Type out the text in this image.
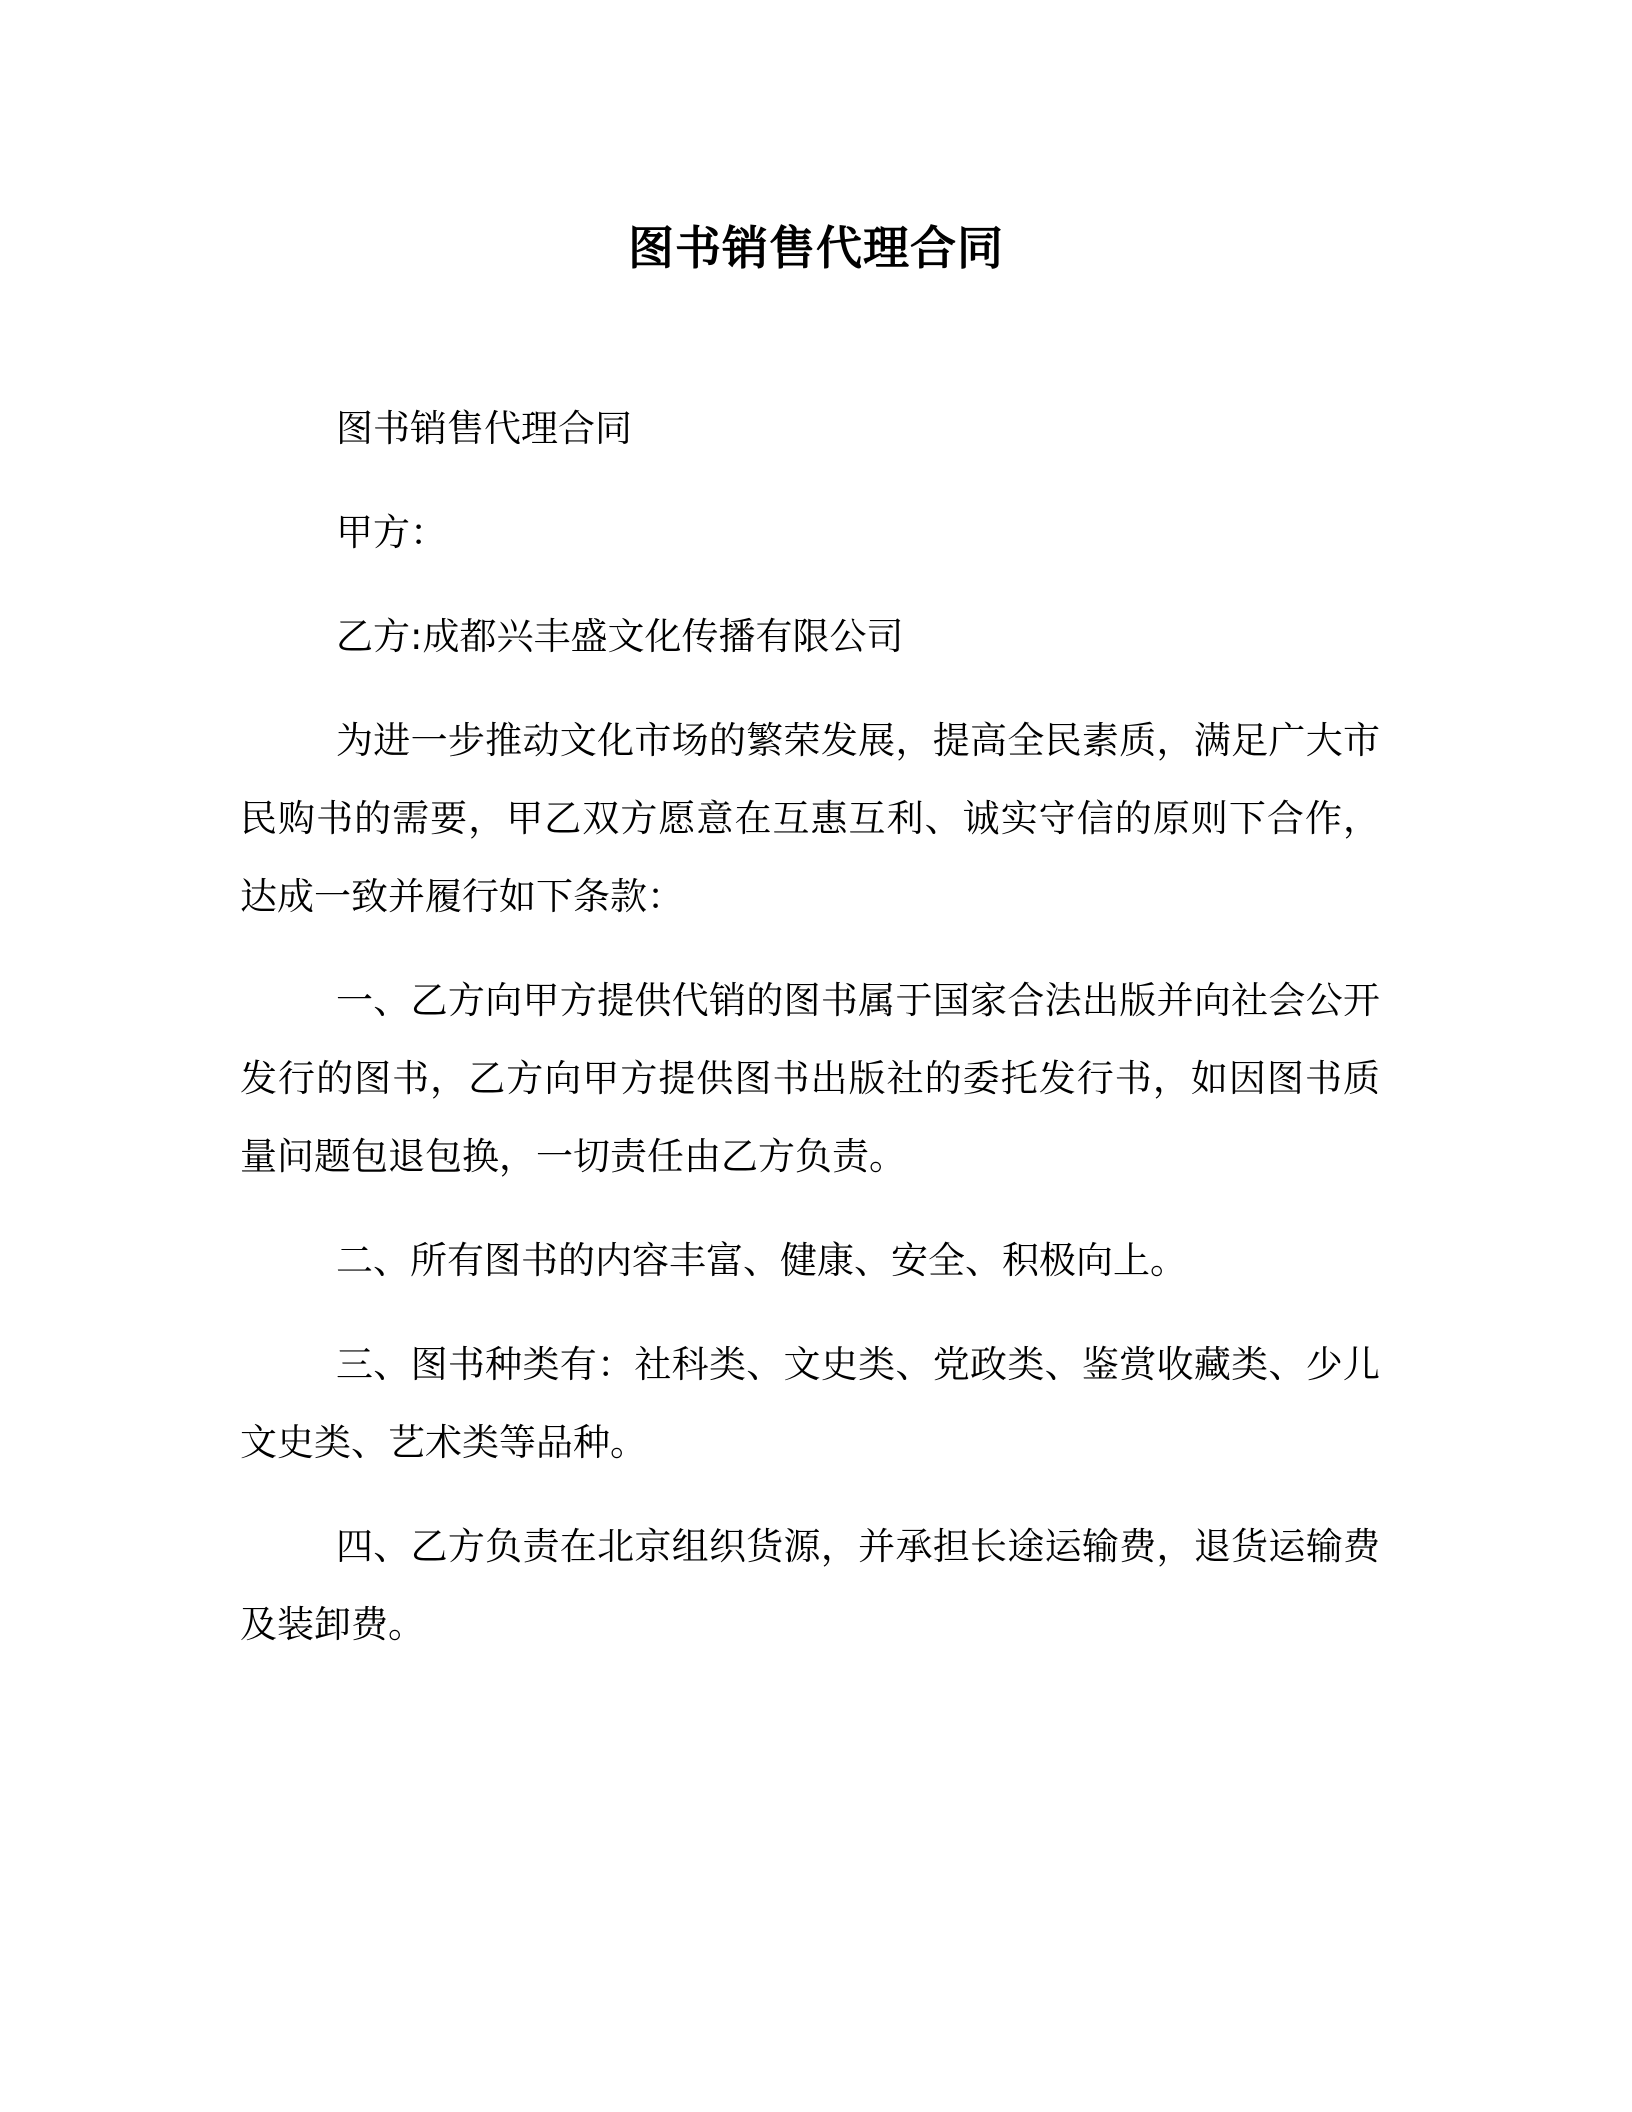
图书销售代理合同

图书销售代理合同

甲方：

乙方:成都兴丰盛文化传播有限公司

为进一步推动文化市场的繁荣发展，提高全民素质，满足广大市民购书的需要，甲乙双方愿意在互惠互利、诚实守信的原则下合作，达成一致并履行如下条款：

一、乙方向甲方提供代销的图书属于国家合法出版并向社会公开发行的图书，乙方向甲方提供图书出版社的委托发行书，如因图书质量问题包退包换，一切责任由乙方负责。

二、所有图书的内容丰富、健康、安全、积极向上。

三、图书种类有：社科类、文史类、党政类、鉴赏收藏类、少儿文史类、艺术类等品种。

四、乙方负责在北京组织货源，并承担长途运输费，退货运输费及装卸费。
